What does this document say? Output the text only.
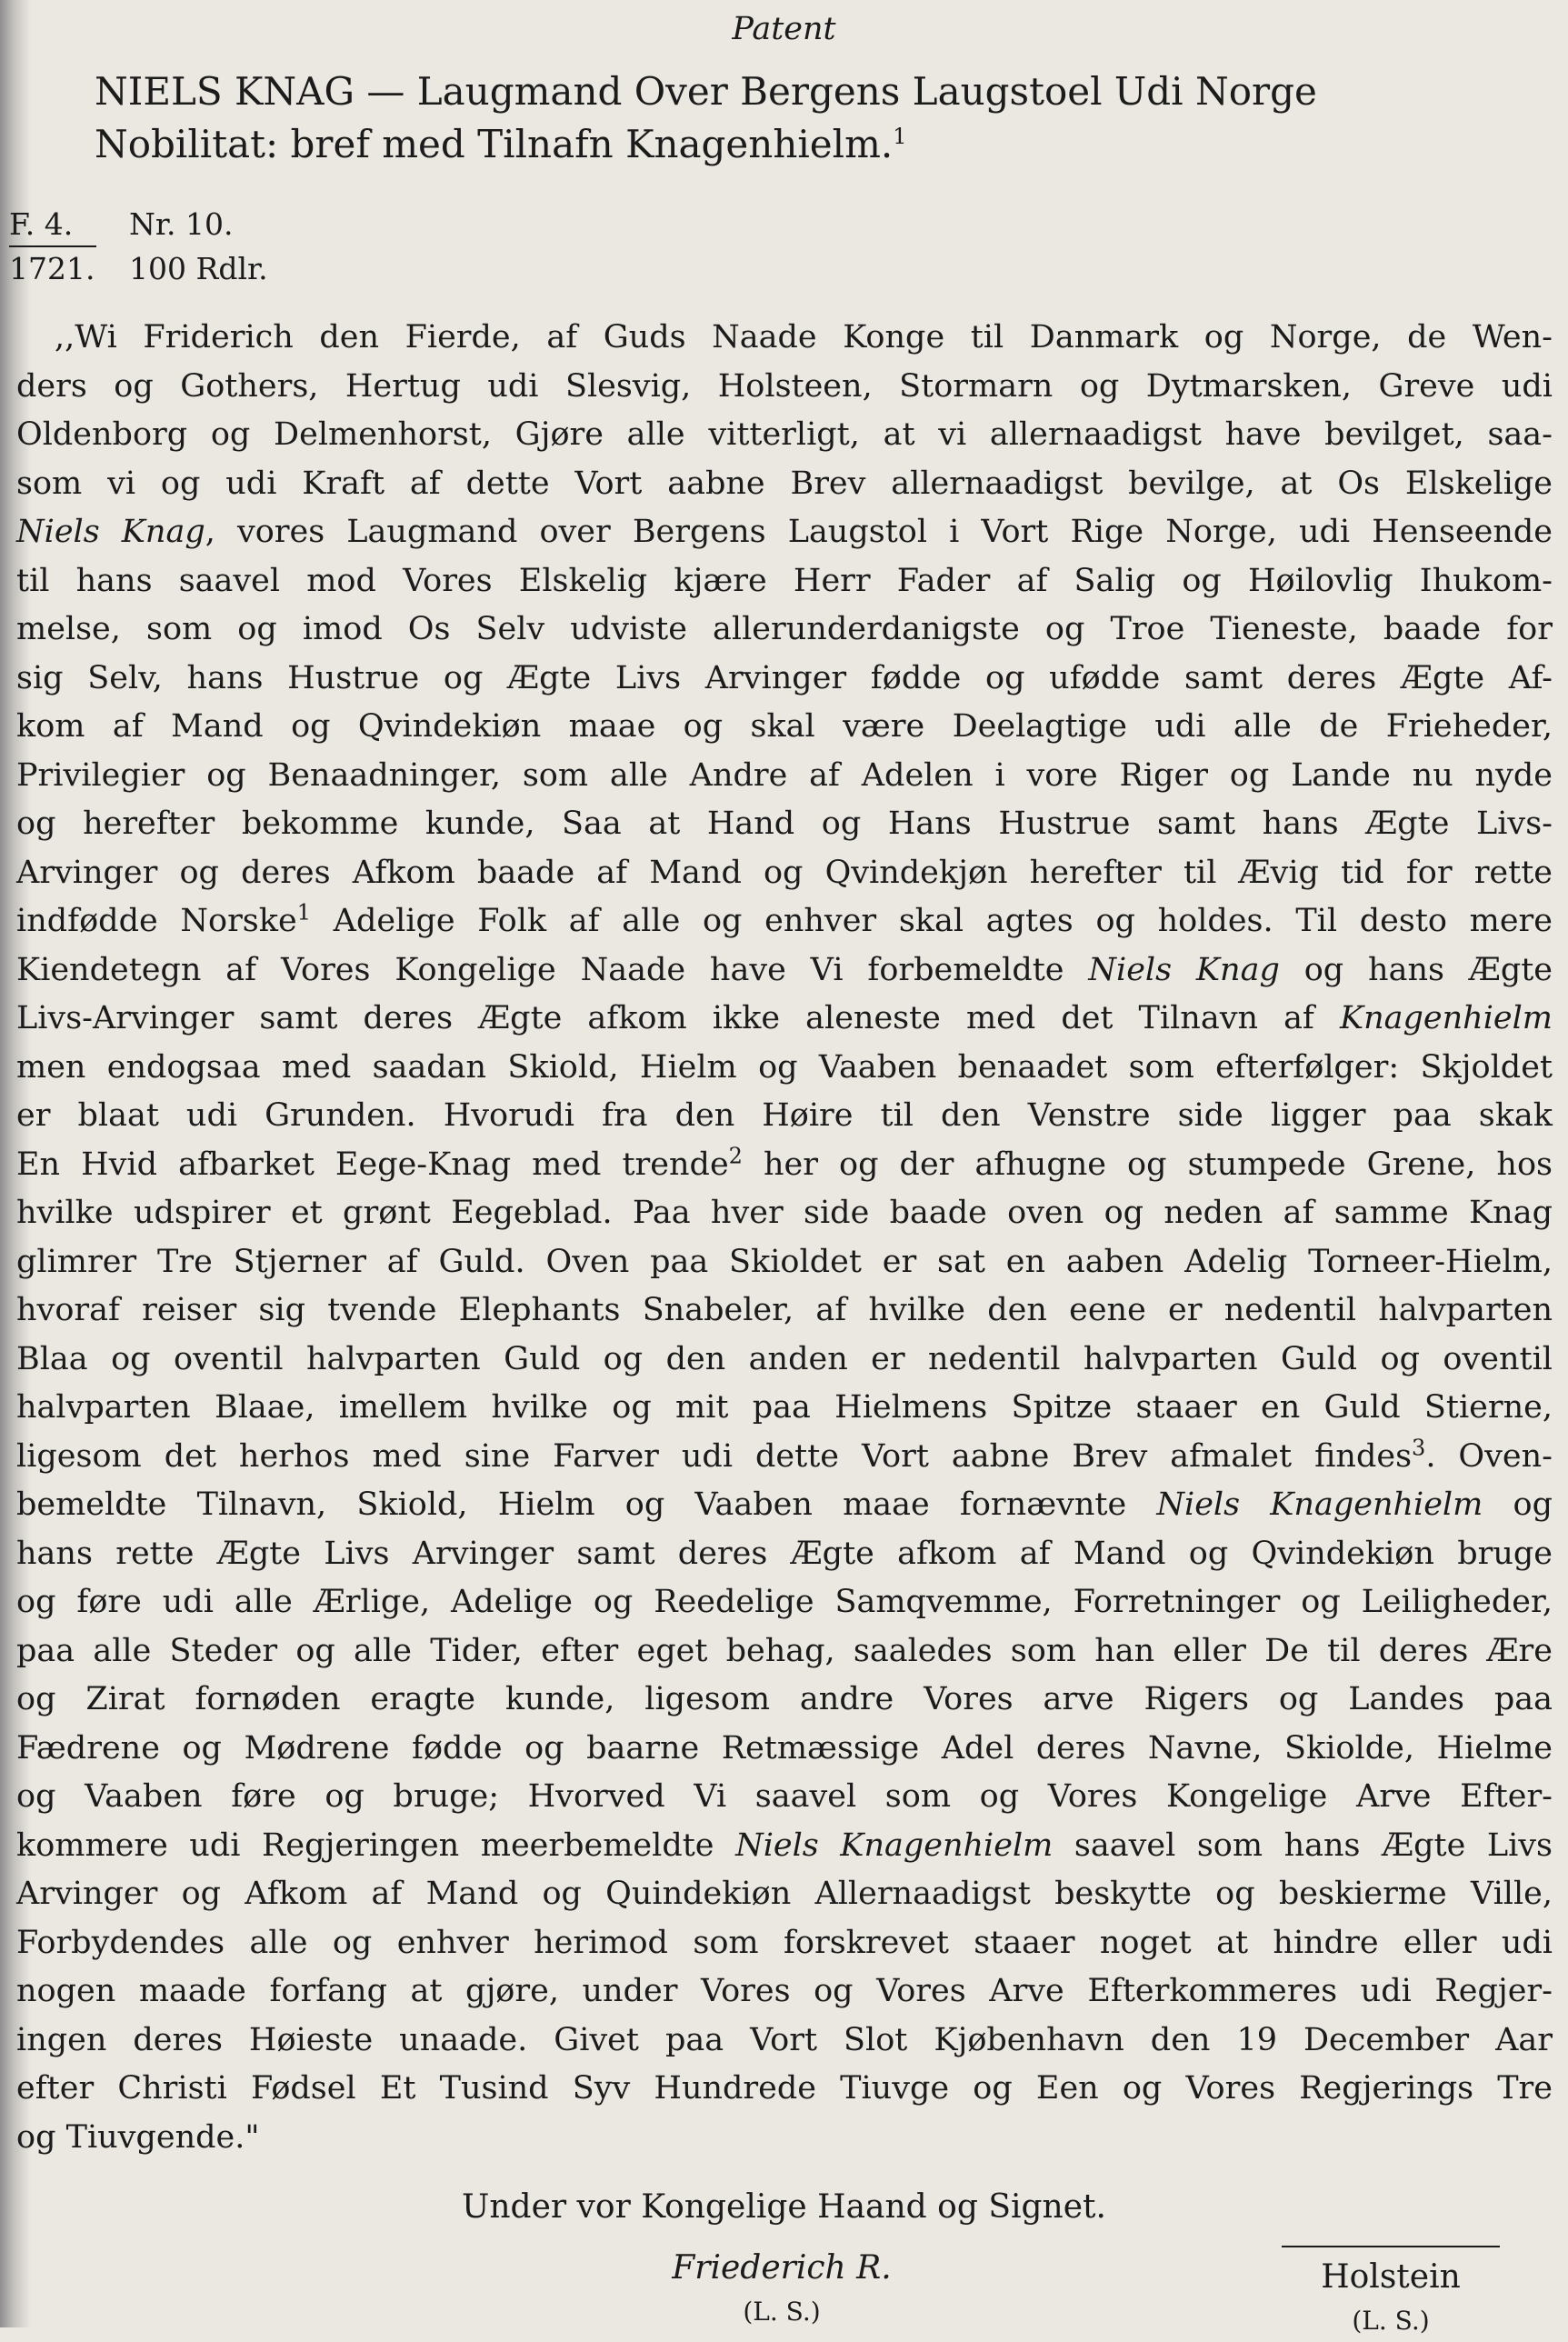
Patent
NIELS KNAG — Laugmand Over Bergens Laugstoel Udi Norge
Nobilitat: bref med Tilnafn Knagenhielm.$^1$
F. 4.	Nr. 10.
1721.	100 Rdlr.
,,Wi Friderich den Fierde, af Guds Naade Konge til Danmark og Norge, de Wen-
ders og Gothers, Hertug udi Slesvig, Holsteen, Stormarn og Dytmarsken, Greve udi
Oldenborg og Delmenhorst, Gjøre alle vitterligt, at vi allernaadigst have bevilget, saa-
som vi og udi Kraft af dette Vort aabne Brev allernaadigst bevilge, at Os Elskelige
Niels Knag, vores Laugmand over Bergens Laugstol i Vort Rige Norge, udi Henseende
til hans saavel mod Vores Elskelig kjære Herr Fader af Salig og Høilovlig Ihukom-
melse, som og imod Os Selv udviste allerunderdanigste og Troe Tieneste, baade for
sig Selv, hans Hustrue og Ægte Livs Arvinger fødde og ufødde samt deres Ægte Af-
kom af Mand og Qvindekiøn maae og skal være Deelagtige udi alle de Frieheder,
Privilegier og Benaadninger, som alle Andre af Adelen i vore Riger og Lande nu nyde
og herefter bekomme kunde, Saa at Hand og Hans Hustrue samt hans Ægte Livs-
Arvinger og deres Afkom baade af Mand og Qvindekjøn herefter til Ævig tid for rette
indfødde Norske$^1$ Adelige Folk af alle og enhver skal agtes og holdes. Til desto mere
Kiendetegn af Vores Kongelige Naade have Vi forbemeldte Niels Knag og hans Ægte
Livs-Arvinger samt deres Ægte afkom ikke aleneste med det Tilnavn af Knagenhielm
men endogsaa med saadan Skiold, Hielm og Vaaben benaadet som efterfølger: Skjoldet
er blaat udi Grunden. Hvorudi fra den Høire til den Venstre side ligger paa skak
En Hvid afbarket Eege-Knag med trende$^2$ her og der afhugne og stumpede Grene, hos
hvilke udspirer et grønt Eegeblad. Paa hver side baade oven og neden af samme Knag
glimrer Tre Stjerner af Guld. Oven paa Skioldet er sat en aaben Adelig Torneer-Hielm,
hvoraf reiser sig tvende Elephants Snabeler, af hvilke den eene er nedentil halvparten
Blaa og oventil halvparten Guld og den anden er nedentil halvparten Guld og oventil
halvparten Blaae, imellem hvilke og mit paa Hielmens Spitze staaer en Guld Stierne,
ligesom det herhos med sine Farver udi dette Vort aabne Brev afmalet findes$^3$. Oven-
bemeldte Tilnavn, Skiold, Hielm og Vaaben maae fornævnte Niels Knagenhielm og
hans rette Ægte Livs Arvinger samt deres Ægte afkom af Mand og Qvindekiøn bruge
og føre udi alle Ærlige, Adelige og Reedelige Samqvemme, Forretninger og Leiligheder,
paa alle Steder og alle Tider, efter eget behag, saaledes som han eller De til deres Ære
og Zirat fornøden eragte kunde, ligesom andre Vores arve Rigers og Landes paa
Fædrene og Mødrene fødde og baarne Retmæssige Adel deres Navne, Skiolde, Hielme
og Vaaben føre og bruge; Hvorved Vi saavel som og Vores Kongelige Arve Efter-
kommere udi Regjeringen meerbemeldte Niels Knagenhielm saavel som hans Ægte Livs
Arvinger og Afkom af Mand og Quindekiøn Allernaadigst beskytte og beskierme Ville,
Forbydendes alle og enhver herimod som forskrevet staaer noget at hindre eller udi
nogen maade forfang at gjøre, under Vores og Vores Arve Efterkommeres udi Regjer-
ingen deres Høieste unaade. Givet paa Vort Slot Kjøbenhavn den 19 December Aar
efter Christi Fødsel Et Tusind Syv Hundrede Tiuvge og Een og Vores Regjerings Tre
og Tiuvgende."
Under vor Kongelige Haand og Signet.
Friederich R.
(L. S.)
Holstein
(L. S.)
